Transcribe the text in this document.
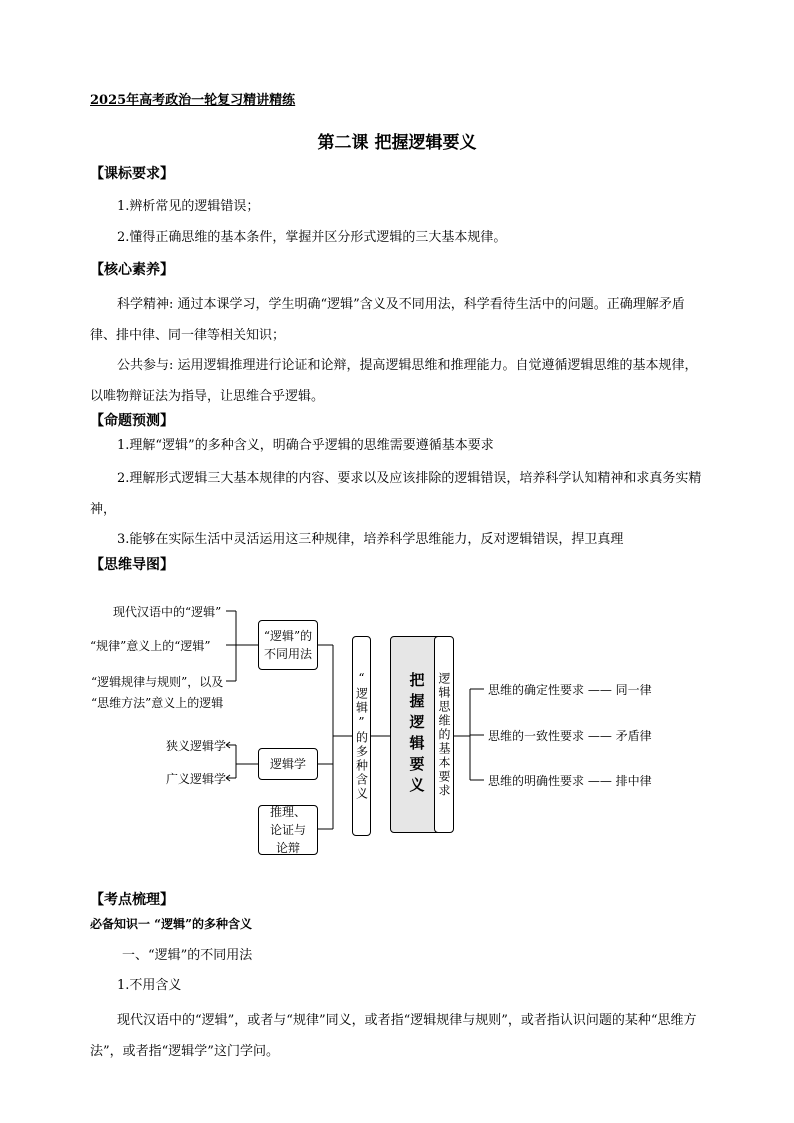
2025年高考政治一轮复习精讲精练
第二课 把握逻辑要义
【课标要求】
1.辨析常见的逻辑错误；
2.懂得正确思维的基本条件，掌握并区分形式逻辑的三大基本规律。
【核心素养】
科学精神: 通过本课学习，学生明确“逻辑”含义及不同用法，科学看待生活中的问题。正确理解矛盾律、排中律、同一律等相关知识；
公共参与: 运用逻辑推理进行论证和论辩，提高逻辑思维和推理能力。自觉遵循逻辑思维的基本规律，以唯物辩证法为指导，让思维合乎逻辑。
【命题预测】
1.理解“逻辑”的多种含义，明确合乎逻辑的思维需要遵循基本要求
2.理解形式逻辑三大基本规律的内容、要求以及应该排除的逻辑错误，培养科学认知精神和求真务实精神，
3.能够在实际生活中灵活运用这三种规律，培养科学思维能力，反对逻辑错误，捍卫真理
【思维导图】
现代汉语中的“逻辑”
“规律”意义上的“逻辑”
“逻辑规律与规则”，以及
“思维方法”意义上的逻辑
狭义逻辑学
广义逻辑学
“逻辑”的不同用法
逻辑学
推理、论证与论辩
“逻辑”的多种含义	把握逻辑要义 逻辑思维的基本要求	思维的确定性要求 —— 同一律
思维的一致性要求 —— 矛盾律
思维的明确性要求 —— 排中律
【考点梳理】
必备知识一 “逻辑”的多种含义
一、“逻辑”的不同用法
1.不用含义
现代汉语中的“逻辑”，或者与“规律”同义，或者指“逻辑规律与规则”，或者指认识问题的某种“思维方法”，或者指“逻辑学”这门学问。
